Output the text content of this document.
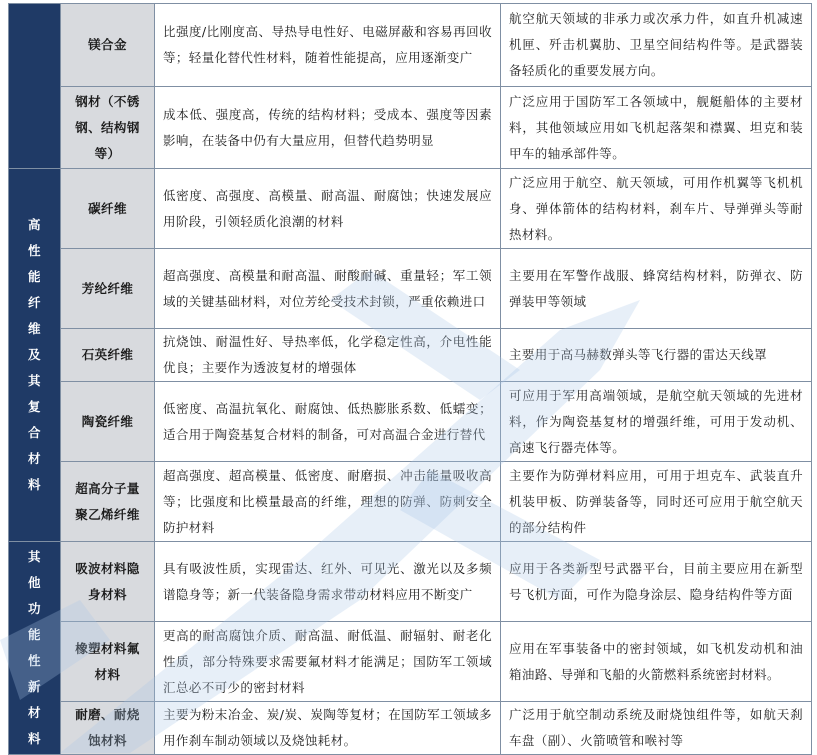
	镁合金	比强度/比刚度高、导热导电性好、电磁屏蔽和容易再回收等；轻量化替代性材料，随着性能提高，应用逐渐变广	航空航天领域的非承力或次承力件，如直升机减速机匣、歼击机翼肋、卫星空间结构件等。是武器装备轻质化的重要发展方向。
	钢材（不锈钢、结构钢等）	成本低、强度高，传统的结构材料；受成本、强度等因素影响，在装备中仍有大量应用，但替代趋势明显	广泛应用于国防军工各领域中，舰艇船体的主要材料，其他领域应用如飞机起落架和襟翼、坦克和装甲车的轴承部件等。
高性能纤维及其复合材料	碳纤维	低密度、高强度、高模量、耐高温、耐腐蚀；快速发展应用阶段，引领轻质化浪潮的材料	广泛应用于航空、航天领域，可用作机翼等飞机机身、弹体箭体的结构材料，刹车片、导弹弹头等耐热材料。
	芳纶纤维	超高强度、高模量和耐高温、耐酸耐碱、重量轻；军工领域的关键基础材料，对位芳纶受技术封锁，严重依赖进口	主要用在军警作战服、蜂窝结构材料，防弹衣、防弹装甲等领域
	石英纤维	抗烧蚀、耐温性好、导热率低，化学稳定性高，介电性能优良；主要作为透波复材的增强体	主要用于高马赫数弹头等飞行器的雷达天线罩
	陶瓷纤维	低密度、高温抗氧化、耐腐蚀、低热膨胀系数、低蠕变；适合用于陶瓷基复合材料的制备，可对高温合金进行替代	可应用于军用高端领域，是航空航天领域的先进材料，作为陶瓷基复材的增强纤维，可用于发动机、高速飞行器壳体等。
	超高分子量聚乙烯纤维	超高强度、超高模量、低密度、耐磨损、冲击能量吸收高等；比强度和比模量最高的纤维，理想的防弹、防刺安全防护材料	主要作为防弹材料应用，可用于坦克车、武装直升机装甲板、防弹装备等，同时还可应用于航空航天的部分结构件
其他功能性新材料	吸波材料隐身材料	具有吸波性质，实现雷达、红外、可见光、激光以及多频谱隐身等；新一代装备隐身需求带动材料应用不断变广	应用于各类新型号武器平台，目前主要应用在新型号飞机方面，可作为隐身涂层、隐身结构件等方面
	橡塑材料氟材料	更高的耐高腐蚀介质、耐高温、耐低温、耐辐射、耐老化性质，部分特殊要求需要氟材料才能满足；国防军工领域汇总必不可少的密封材料	应用在军事装备中的密封领域，如飞机发动机和油箱油路、导弹和飞船的火箭燃料系统密封材料。
	耐磨、耐烧蚀材料	主要为粉末冶金、炭/炭、炭陶等复材；在国防军工领域多用作刹车制动领域以及烧蚀耗材。	广泛用于航空制动系统及耐烧蚀组件等，如航天刹车盘（副）、火箭喷管和喉衬等
